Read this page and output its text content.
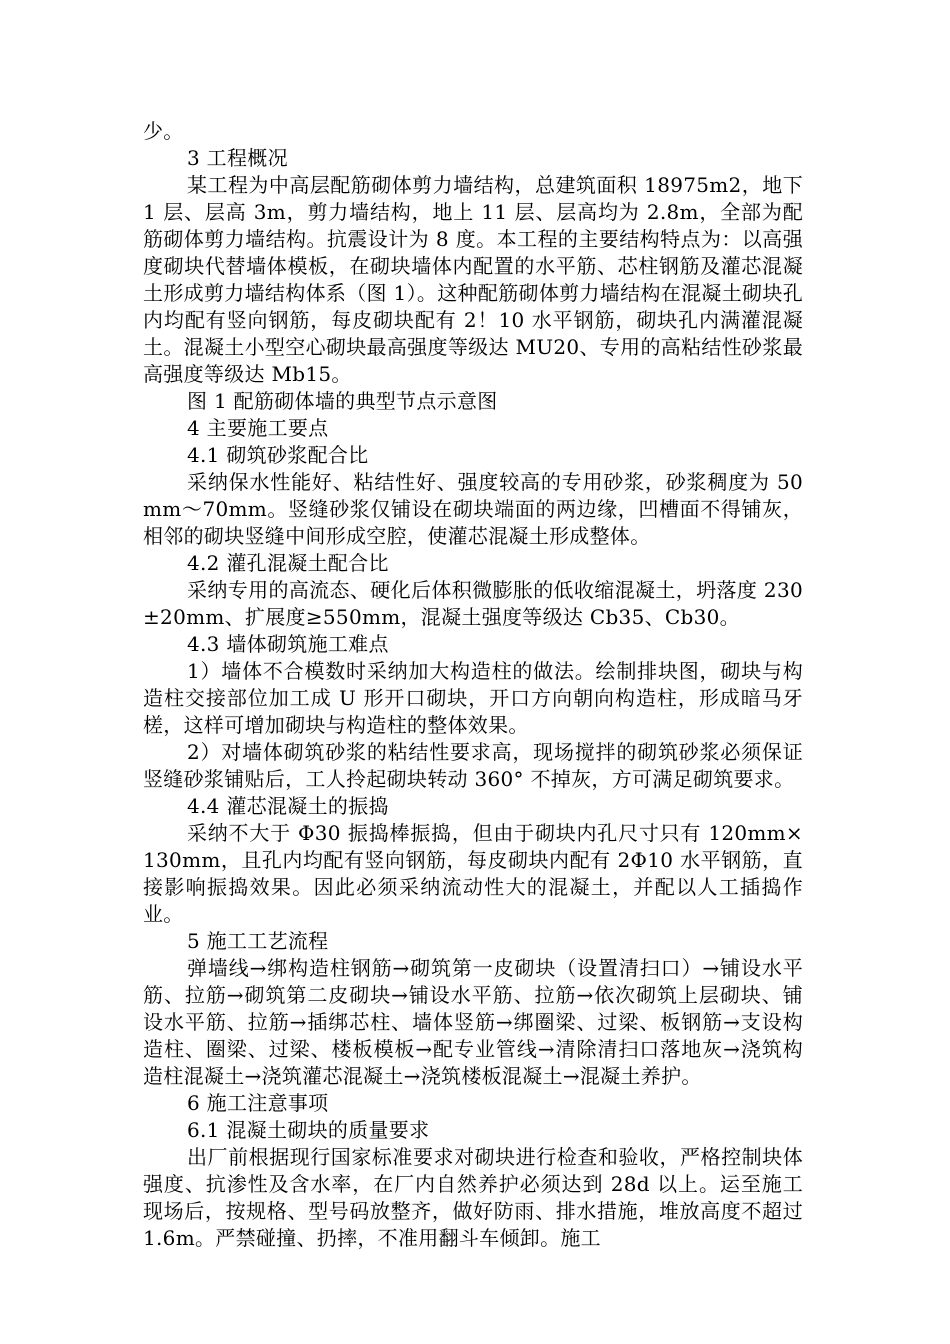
少。

3 工程概况

某工程为中高层配筋砌体剪力墙结构，总建筑面积 18975m2，地下 1 层、层高 3m，剪力墙结构，地上 11 层、层高均为 2.8m，全部为配筋砌体剪力墙结构。抗震设计为 8 度。本工程的主要结构特点为：以高强度砌块代替墙体模板，在砌块墙体内配置的水平筋、芯柱钢筋及灌芯混凝土形成剪力墙结构体系（图 1）。这种配筋砌体剪力墙结构在混凝土砌块孔内均配有竖向钢筋，每皮砌块配有 2！10 水平钢筋，砌块孔内满灌混凝土。混凝土小型空心砌块最高强度等级达 MU20、专用的高粘结性砂浆最高强度等级达 Mb15。

图 1 配筋砌体墙的典型节点示意图

4 主要施工要点

4.1 砌筑砂浆配合比

采纳保水性能好、粘结性好、强度较高的专用砂浆，砂浆稠度为 50mm～70mm。竖缝砂浆仅铺设在砌块端面的两边缘，凹槽面不得铺灰，相邻的砌块竖缝中间形成空腔，使灌芯混凝土形成整体。

4.2 灌孔混凝土配合比

采纳专用的高流态、硬化后体积微膨胀的低收缩混凝土，坍落度 230±20mm、扩展度≥550mm，混凝土强度等级达 Cb35、Cb30。

4.3 墙体砌筑施工难点

1）墙体不合模数时采纳加大构造柱的做法。绘制排块图，砌块与构造柱交接部位加工成 U 形开口砌块，开口方向朝向构造柱，形成暗马牙槎，这样可增加砌块与构造柱的整体效果。

2）对墙体砌筑砂浆的粘结性要求高，现场搅拌的砌筑砂浆必须保证竖缝砂浆铺贴后，工人拎起砌块转动 360° 不掉灰，方可满足砌筑要求。

4.4 灌芯混凝土的振捣

采纳不大于 Φ30 振捣棒振捣，但由于砌块内孔尺寸只有 120mm×130mm，且孔内均配有竖向钢筋，每皮砌块内配有 2Φ10 水平钢筋，直接影响振捣效果。因此必须采纳流动性大的混凝土，并配以人工插捣作业。

5 施工工艺流程

弹墙线→绑构造柱钢筋→砌筑第一皮砌块（设置清扫口）→铺设水平筋、拉筋→砌筑第二皮砌块→铺设水平筋、拉筋→依次砌筑上层砌块、铺设水平筋、拉筋→插绑芯柱、墙体竖筋→绑圈梁、过梁、板钢筋→支设构造柱、圈梁、过梁、楼板模板→配专业管线→清除清扫口落地灰→浇筑构造柱混凝土→浇筑灌芯混凝土→浇筑楼板混凝土→混凝土养护。

6 施工注意事项

6.1 混凝土砌块的质量要求

出厂前根据现行国家标准要求对砌块进行检查和验收，严格控制块体强度、抗渗性及含水率，在厂内自然养护必须达到 28d 以上。运至施工现场后，按规格、型号码放整齐，做好防雨、排水措施，堆放高度不超过 1.6m。严禁碰撞、扔摔，不准用翻斗车倾卸。施工
